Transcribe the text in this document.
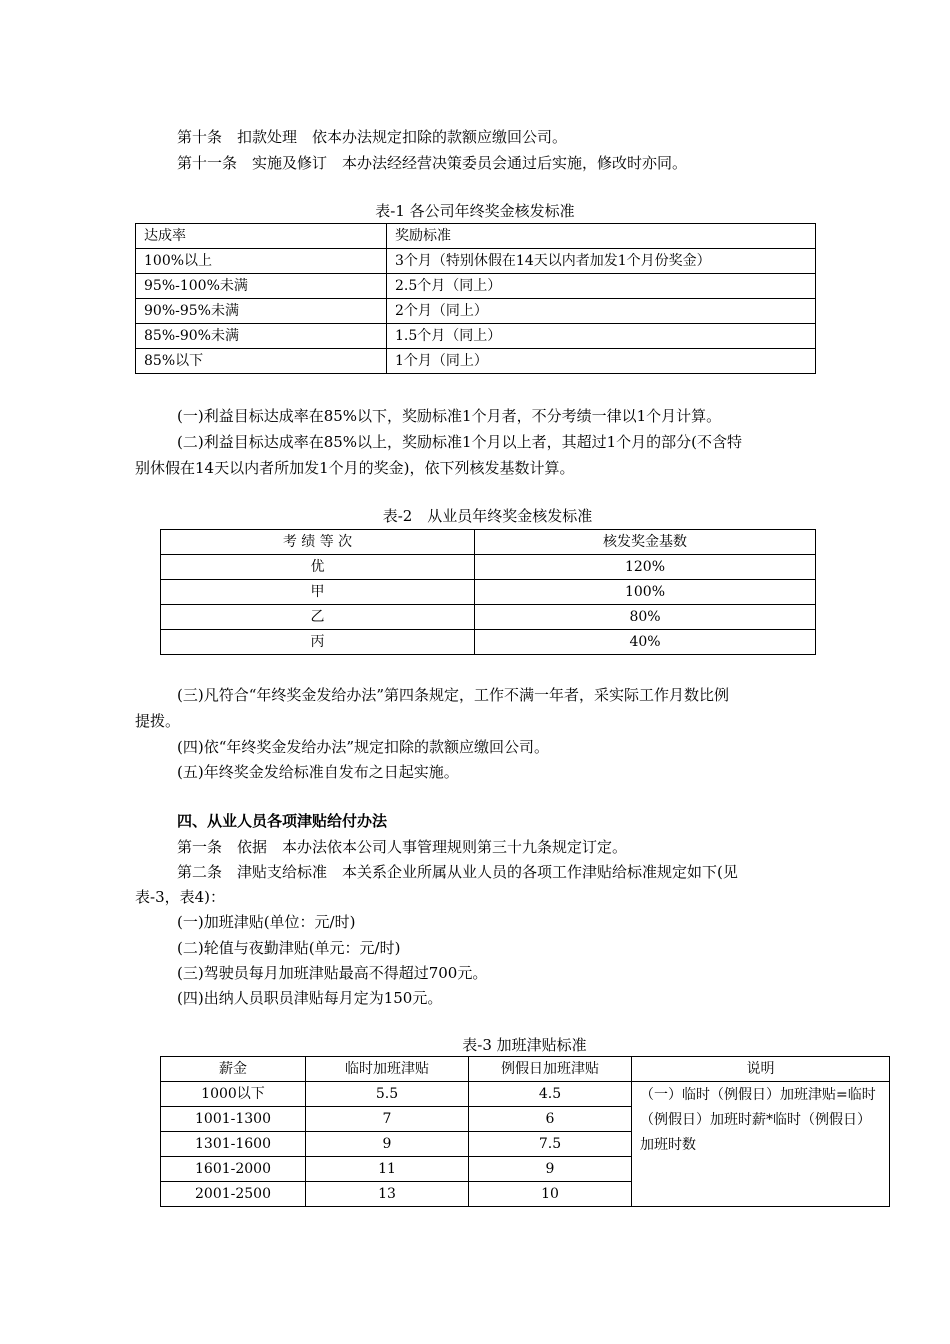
第十条　扣款处理　依本办法规定扣除的款额应缴回公司。
第十一条　实施及修订　本办法经经营决策委员会通过后实施，修改时亦同。
表-1 各公司年终奖金核发标准
达成率	奖励标准
100%以上	3个月（特别休假在14天以内者加发1个月份奖金）
95%-100%未满	2.5个月（同上）
90%-95%未满	2个月（同上）
85%-90%未满	1.5个月（同上）
85%以下	1个月（同上）
(一)利益目标达成率在85%以下，奖励标准1个月者，不分考绩一律以1个月计算。
(二)利益目标达成率在85%以上，奖励标准1个月以上者，其超过1个月的部分(不含特
别休假在14天以内者所加发1个月的奖金)，依下列核发基数计算。
表-2　从业员年终奖金核发标准
考 绩 等 次	核发奖金基数
优	120%
甲	100%
乙	80%
丙	40%
(三)凡符合“年终奖金发给办法”第四条规定，工作不满一年者，采实际工作月数比例
提拨。
(四)依“年终奖金发给办法”规定扣除的款额应缴回公司。
(五)年终奖金发给标准自发布之日起实施。
四、从业人员各项津贴给付办法
第一条　依据　本办法依本公司人事管理规则第三十九条规定订定。
第二条　津贴支给标准　本关系企业所属从业人员的各项工作津贴给标准规定如下(见
表-3，表4)：
(一)加班津贴(单位：元/时)
(二)轮值与夜勤津贴(单元：元/时)
(三)驾驶员每月加班津贴最高不得超过700元。
(四)出纳人员职员津贴每月定为150元。
表-3 加班津贴标准
薪金	临时加班津贴	例假日加班津贴	说明
1000以下	5.5	4.5	（一）临时（例假日）加班津贴=临时（例假日）加班时薪*临时（例假日）加班时数
1001-1300	7	6	
1301-1600	9	7.5	
1601-2000	11	9	
2001-2500	13	10	
